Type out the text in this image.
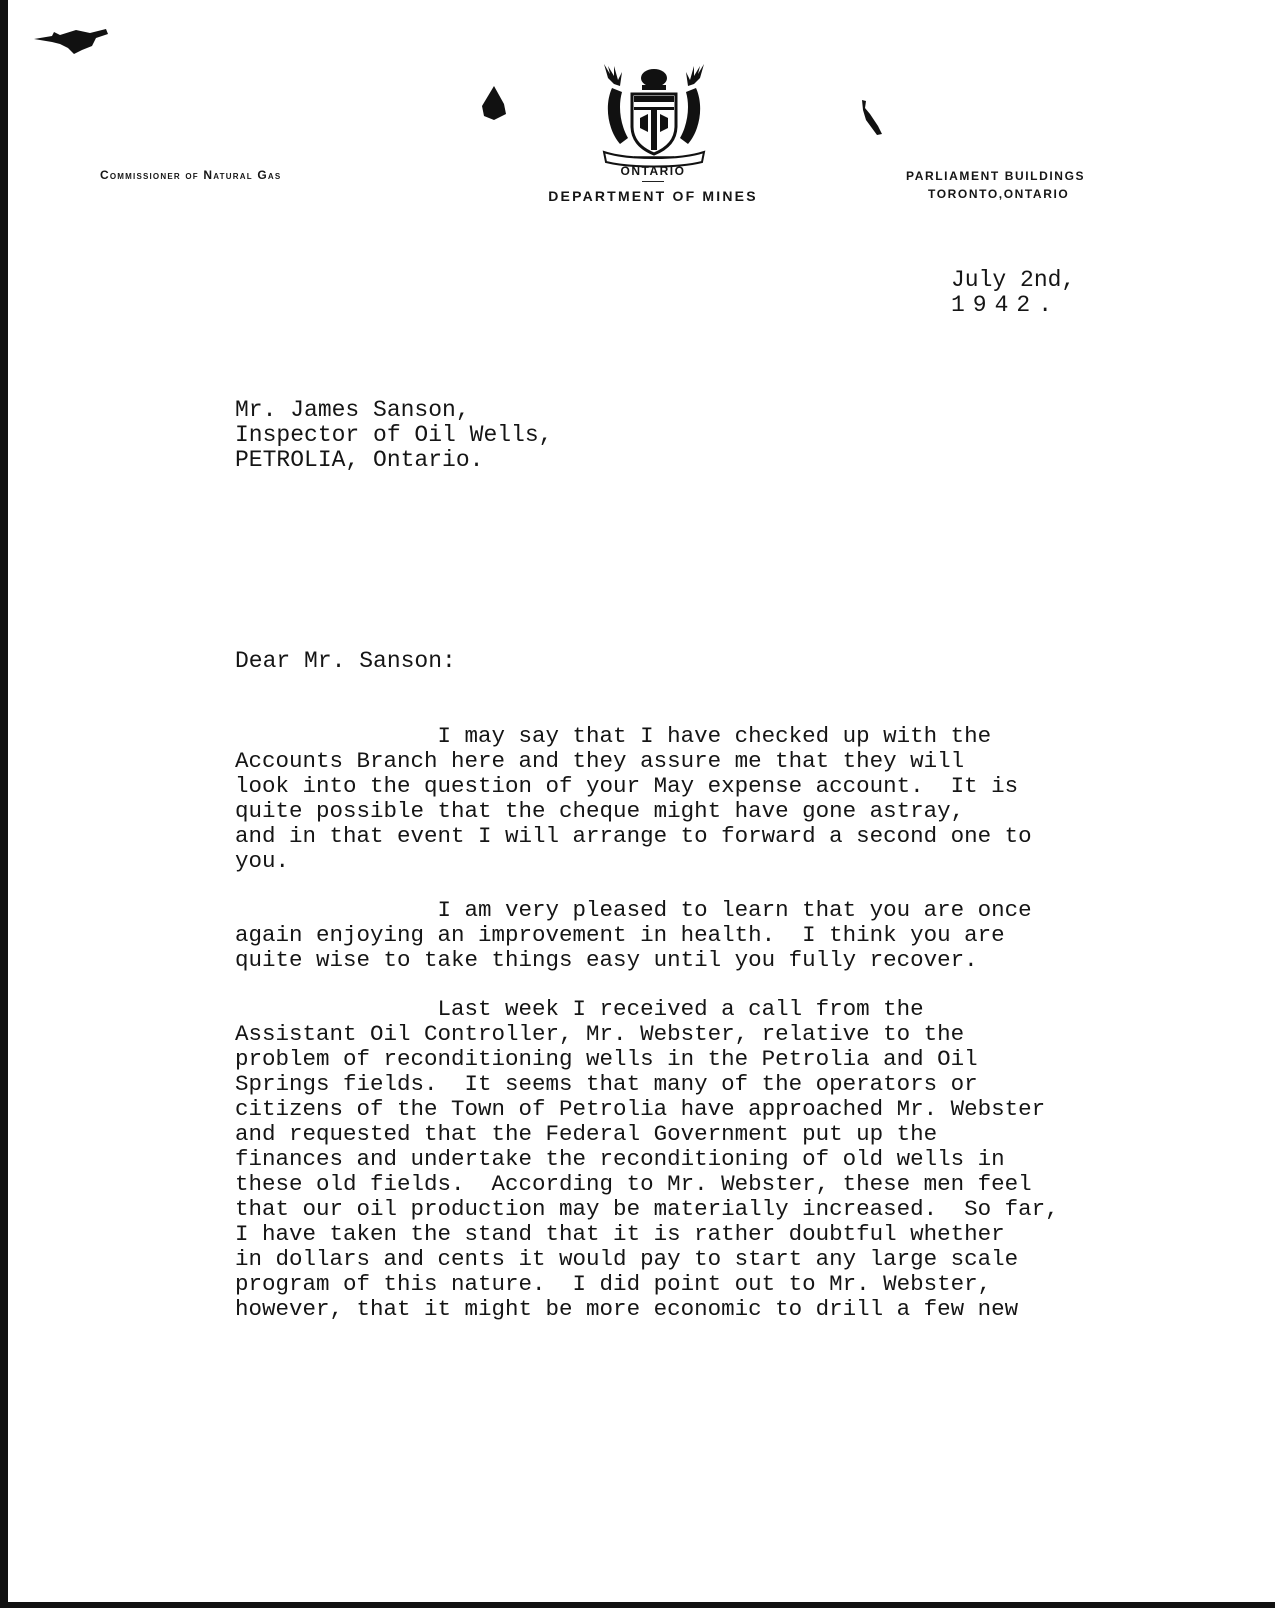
Commissioner of Natural Gas	ONTARIO
DEPARTMENT OF MINES
PARLIAMENT BUILDINGS
TORONTO,ONTARIO
July 2nd,
1942.
Mr. James Sanson,
Inspector of Oil Wells,
PETROLIA, Ontario.
Dear Mr. Sanson:
I may say that I have checked up with the
Accounts Branch here and they assure me that they will
look into the question of your May expense account.  It is
quite possible that the cheque might have gone astray,
and in that event I will arrange to forward a second one to
you.
I am very pleased to learn that you are once
again enjoying an improvement in health.  I think you are
quite wise to take things easy until you fully recover.
Last week I received a call from the
Assistant Oil Controller, Mr. Webster, relative to the
problem of reconditioning wells in the Petrolia and Oil
Springs fields.  It seems that many of the operators or
citizens of the Town of Petrolia have approached Mr. Webster
and requested that the Federal Government put up the
finances and undertake the reconditioning of old wells in
these old fields.  According to Mr. Webster, these men feel
that our oil production may be materially increased.  So far,
I have taken the stand that it is rather doubtful whether
in dollars and cents it would pay to start any large scale
program of this nature.  I did point out to Mr. Webster,
however, that it might be more economic to drill a few new
